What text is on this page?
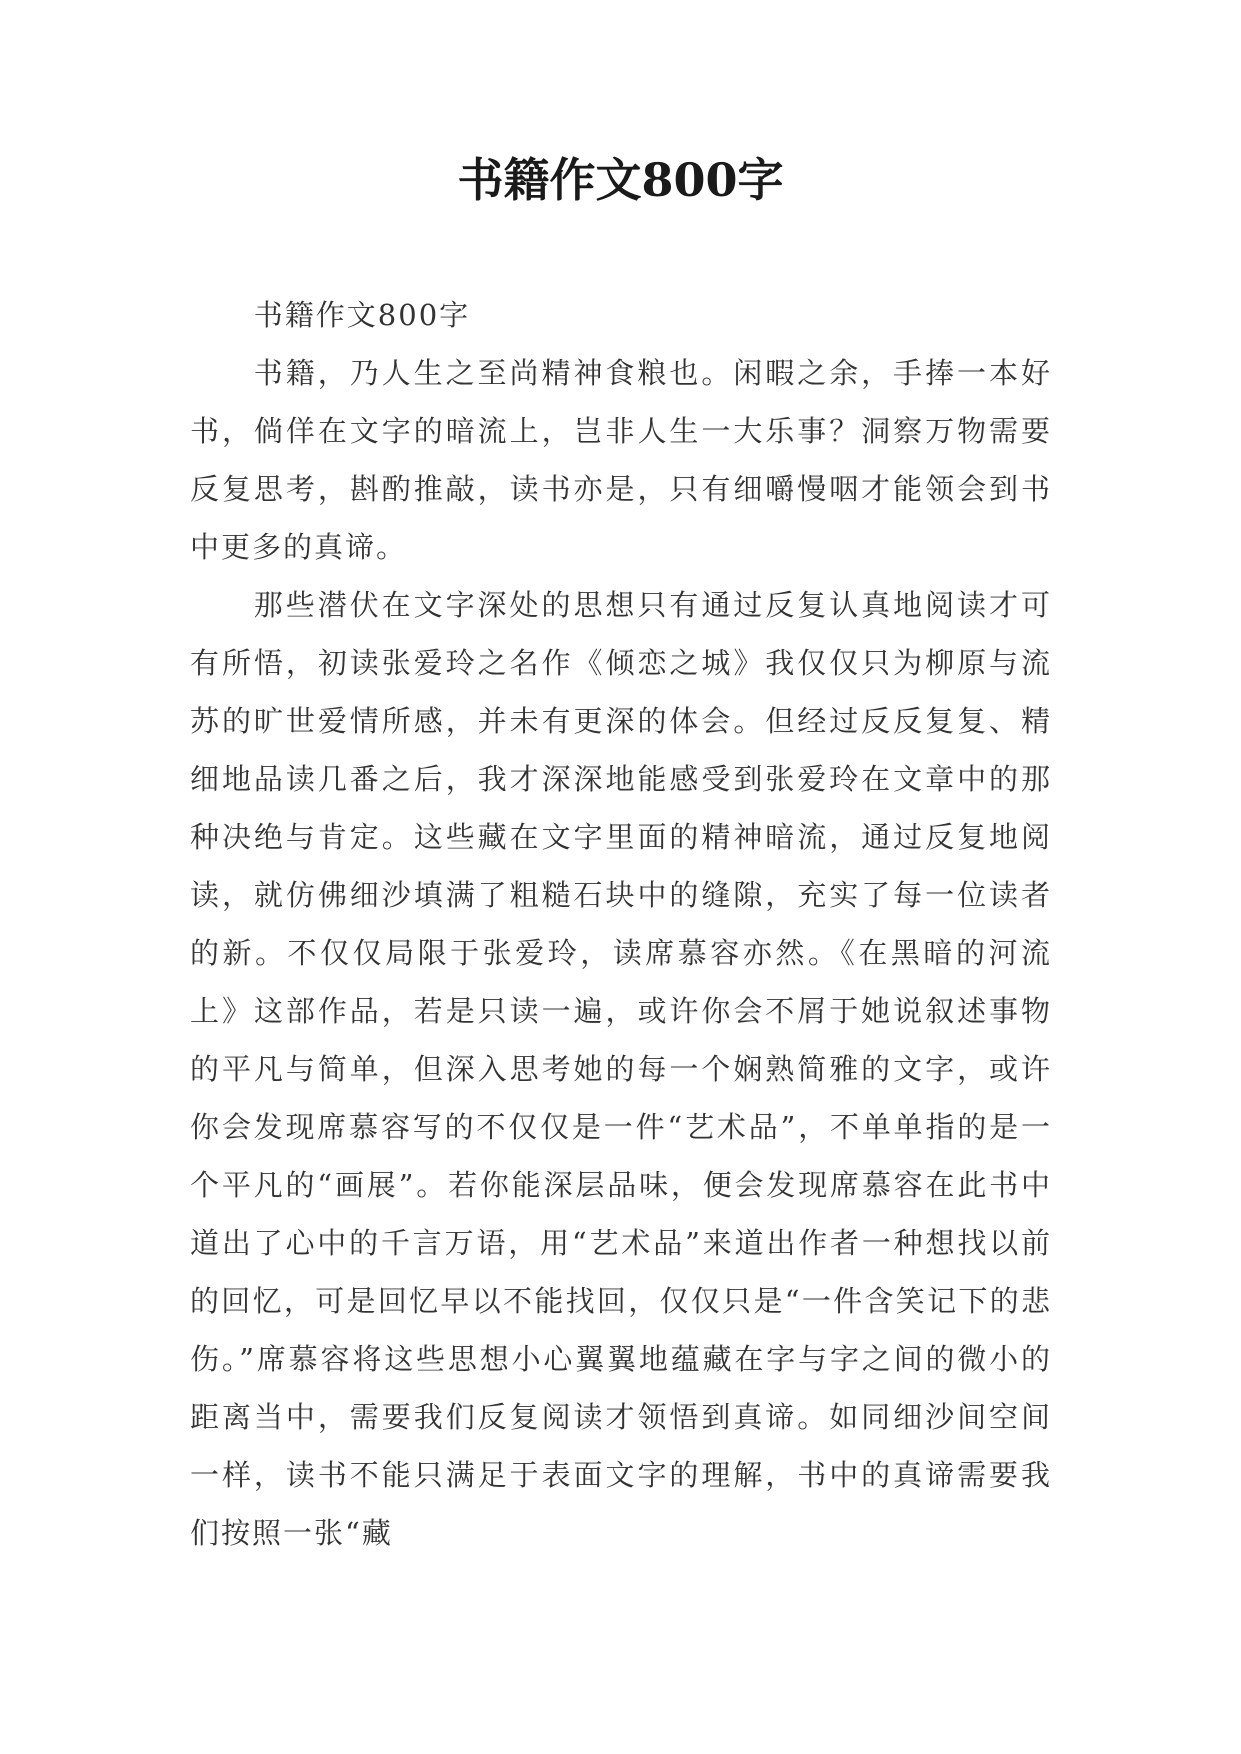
书籍作文800字

书籍作文800字

书籍，乃人生之至尚精神食粮也。闲暇之余，手捧一本好书，倘佯在文字的暗流上，岂非人生一大乐事？洞察万物需要反复思考，斟酌推敲，读书亦是，只有细嚼慢咽才能领会到书中更多的真谛。

那些潜伏在文字深处的思想只有通过反复认真地阅读才可有所悟，初读张爱玲之名作《倾恋之城》我仅仅只为柳原与流苏的旷世爱情所感，并未有更深的体会。但经过反反复复、精细地品读几番之后，我才深深地能感受到张爱玲在文章中的那种决绝与肯定。这些藏在文字里面的精神暗流，通过反复地阅读，就仿佛细沙填满了粗糙石块中的缝隙，充实了每一位读者的新。不仅仅局限于张爱玲，读席慕容亦然。《在黑暗的河流上》这部作品，若是只读一遍，或许你会不屑于她说叙述事物的平凡与简单，但深入思考她的每一个娴熟简雅的文字，或许你会发现席慕容写的不仅仅是一件“艺术品”，不单单指的是一个平凡的“画展”。若你能深层品味，便会发现席慕容在此书中道出了心中的千言万语，用“艺术品”来道出作者一种想找以前的回忆，可是回忆早以不能找回，仅仅只是“一件含笑记下的悲伤。”席慕容将这些思想小心翼翼地蕴藏在字与字之间的微小的距离当中，需要我们反复阅读才领悟到真谛。如同细沙间空间一样，读书不能只满足于表面文字的理解，书中的真谛需要我们按照一张“藏
